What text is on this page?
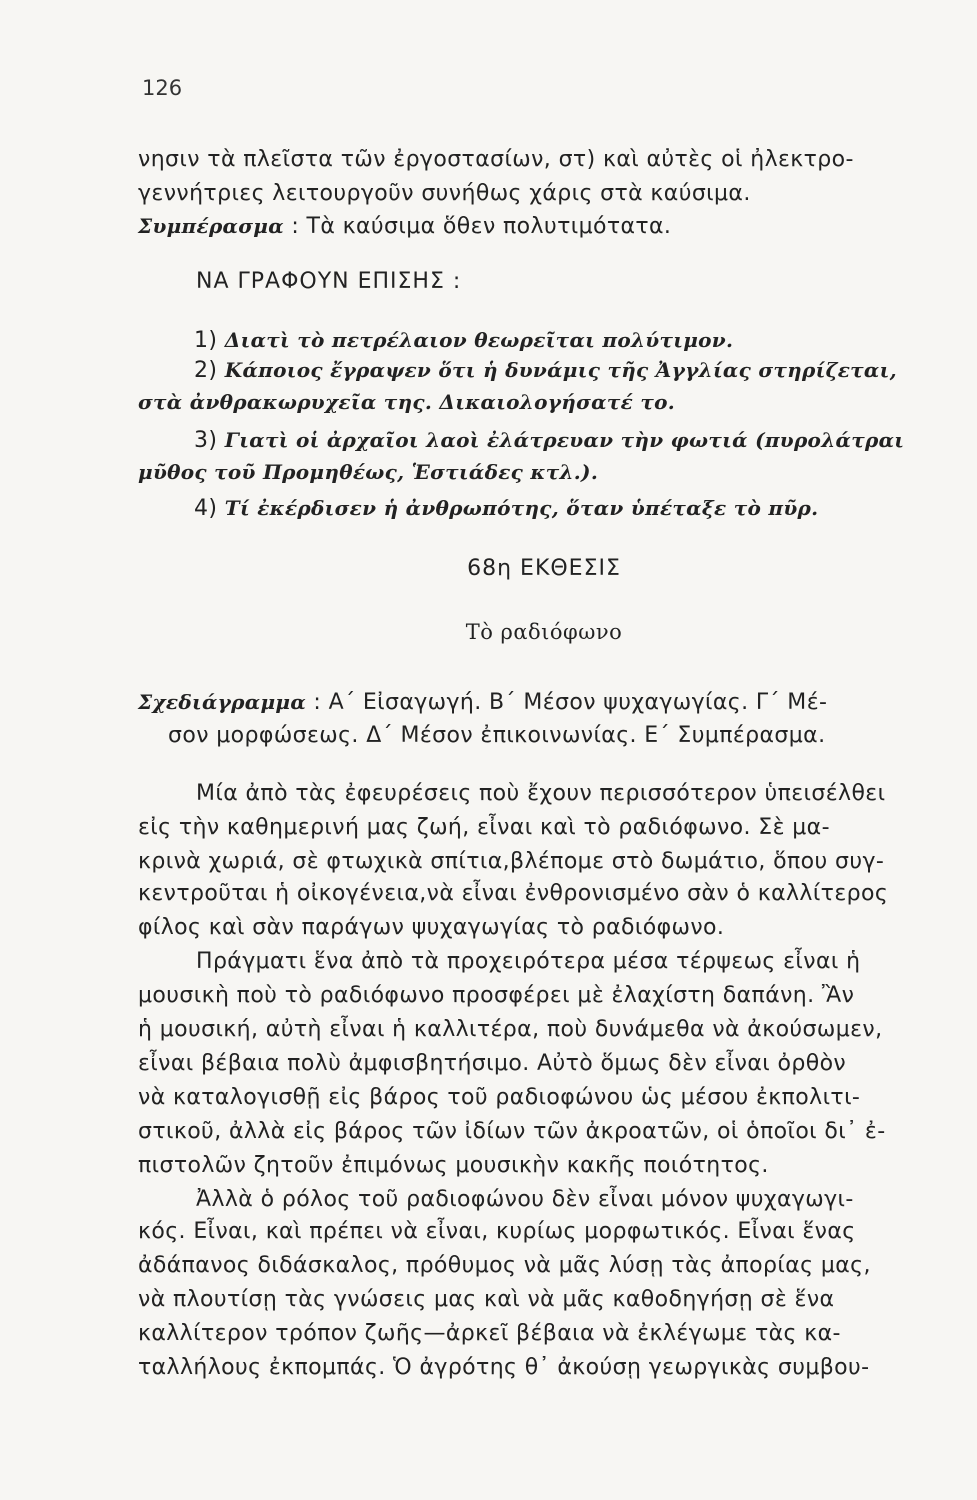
126
νησιν τὰ πλεῖστα τῶν ἐργοστασίων, στ) καὶ αὐτὲς οἱ ἠλεκτρο-
γεννήτριες λειτουργοῦν συνήθως χάρις στὰ καύσιμα.
Συμπέρασμα : Τὰ καύσιμα ὅθεν πολυτιμότατα.
ΝΑ ΓΡΑΦΟΥΝ ΕΠΙΣΗΣ :
1) Διατὶ τὸ πετρέλαιον θεωρεῖται πολύτιμον.
2) Κάποιος ἔγραψεν ὅτι ἡ δυνάμις τῆς Ἀγγλίας στηρίζεται,
στὰ ἀνθρακωρυχεῖα της. Δικαιολογήσατέ το.
3) Γιατὶ οἱ ἀρχαῖοι λαοὶ ἐλάτρευαν τὴν φωτιά (πυρολάτραι
μῦθος τοῦ Προμηθέως, Ἑστιάδες κτλ.).
4) Τί ἐκέρδισεν ἡ ἀνθρωπότης, ὅταν ὑπέταξε τὸ πῦρ.
68η ΕΚΘΕΣΙΣ
Τὸ ραδιόφωνο
Σχεδιάγραμμα : Α΄ Εἰσαγωγή. Β΄ Μέσον ψυχαγωγίας. Γ΄ Μέ-
σον μορφώσεως. Δ΄ Μέσον ἐπικοινωνίας. Ε΄ Συμπέρασμα.
Μία ἀπὸ τὰς ἐφευρέσεις ποὺ ἔχουν περισσότερον ὑπεισέλθει
εἰς τὴν καθημερινή μας ζωή, εἶναι καὶ τὸ ραδιόφωνο. Σὲ μα-
κρινὰ χωριά, σὲ φτωχικὰ σπίτια,βλέπομε στὸ δωμάτιο, ὅπου συγ-
κεντροῦται ἡ οἰκογένεια,νὰ εἶναι ἐνθρονισμένο σὰν ὁ καλλίτερος
φίλος καὶ σὰν παράγων ψυχαγωγίας τὸ ραδιόφωνο.
Πράγματι ἕνα ἀπὸ τὰ προχειρότερα μέσα τέρψεως εἶναι ἡ
μουσικὴ ποὺ τὸ ραδιόφωνο προσφέρει μὲ ἐλαχίστη δαπάνη. Ἂν
ἡ μουσική, αὐτὴ εἶναι ἡ καλλιτέρα, ποὺ δυνάμεθα νὰ ἀκούσωμεν,
εἶναι βέβαια πολὺ ἀμφισβητήσιμο. Αὐτὸ ὅμως δὲν εἶναι ὀρθὸν
νὰ καταλογισθῇ εἰς βάρος τοῦ ραδιοφώνου ὡς μέσου ἐκπολιτι-
στικοῦ, ἀλλὰ εἰς βάρος τῶν ἰδίων τῶν ἀκροατῶν, οἱ ὁποῖοι δι᾽ ἐ-
πιστολῶν ζητοῦν ἐπιμόνως μουσικὴν κακῆς ποιότητος.
Ἀλλὰ ὁ ρόλος τοῦ ραδιοφώνου δὲν εἶναι μόνον ψυχαγωγι-
κός. Εἶναι, καὶ πρέπει νὰ εἶναι, κυρίως μορφωτικός. Εἶναι ἕνας
ἀδάπανος διδάσκαλος, πρόθυμος νὰ μᾶς λύσῃ τὰς ἀπορίας μας,
νὰ πλουτίσῃ τὰς γνώσεις μας καὶ νὰ μᾶς καθοδηγήσῃ σὲ ἕνα
καλλίτερον τρόπον ζωῆς—ἀρκεῖ βέβαια νὰ ἐκλέγωμε τὰς κα-
ταλλήλους ἐκπομπάς. Ὁ ἀγρότης θ᾽ ἀκούσῃ γεωργικὰς συμβου-
